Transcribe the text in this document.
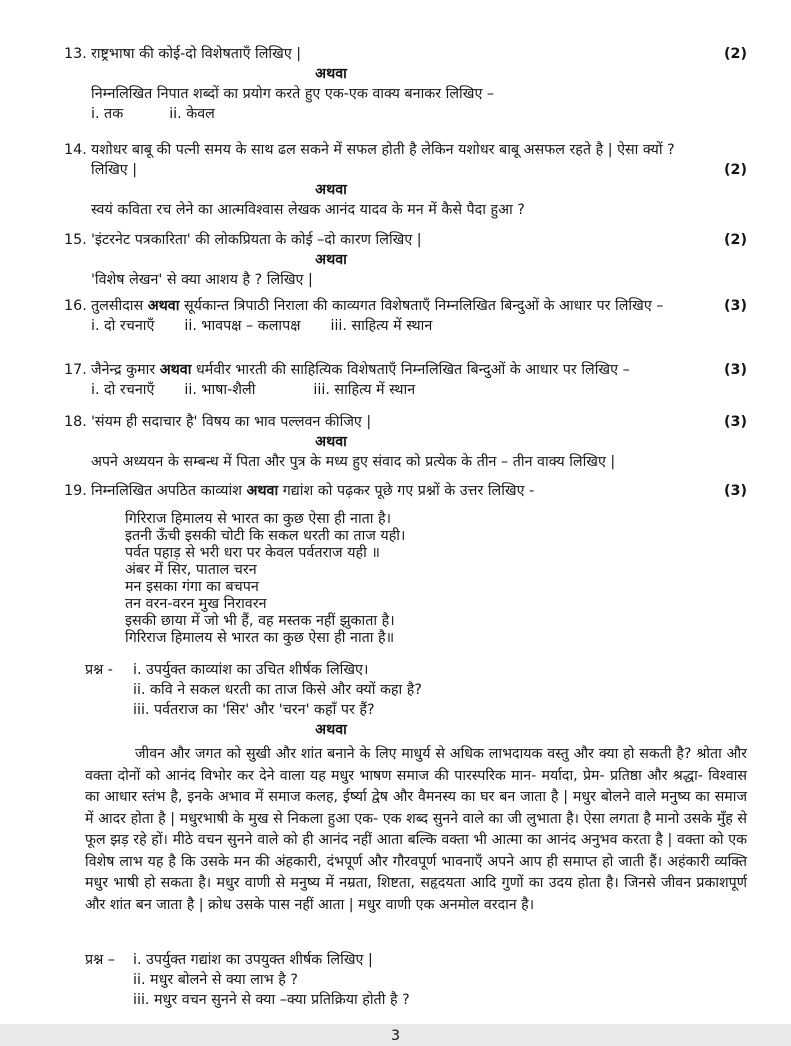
13. राष्ट्रभाषा की कोई-दो विशेषताएँ लिखिए |	(2)
अथवा
निम्नलिखित निपात शब्दों का प्रयोग करते हुए एक-एक वाक्य बनाकर लिखिए –
i. तक	ii. केवल
14. यशोधर बाबू की पत्नी समय के साथ ढल सकने में सफल होती है लेकिन यशोधर बाबू असफल रहते है | ऐसा क्यों ?
लिखिए |	(2)
अथवा
स्वयं कविता रच लेने का आत्मविश्वास लेखक आनंद यादव के मन में कैसे पैदा हुआ ?
15. 'इंटरनेट पत्रकारिता' की लोकप्रियता के कोई –दो कारण लिखिए |	(2)
अथवा
'विशेष लेखन' से क्या आशय है ? लिखिए |
16. तुलसीदास अथवा सूर्यकान्त त्रिपाठी निराला की काव्यगत विशेषताएँ निम्नलिखित बिन्दुओं के आधार पर लिखिए –	(3)
i. दो रचनाएँ ii. भावपक्ष – कलापक्ष iii. साहित्य में स्थान
17. जैनेन्द्र कुमार अथवा धर्मवीर भारती की साहित्यिक विशेषताएँ निम्नलिखित बिन्दुओं के आधार पर लिखिए –	(3)
i. दो रचनाएँ ii. भाषा-शैली	iii. साहित्य में स्थान
18. 'संयम ही सदाचार है' विषय का भाव पल्लवन कीजिए |	(3)
अथवा
अपने अध्ययन के सम्बन्ध में पिता और पुत्र के मध्य हुए संवाद को प्रत्येक के तीन – तीन वाक्य लिखिए |
19. निम्नलिखित अपठित काव्यांश अथवा गद्यांश को पढ़कर पूछे गए प्रश्नों के उत्तर लिखिए -	(3)
गिरिराज हिमालय से भारत का कुछ ऐसा ही नाता है।
इतनी ऊँची इसकी चोटी कि सकल धरती का ताज यही।
पर्वत पहाड़ से भरी धरा पर केवल पर्वतराज यही ॥
अंबर में सिर, पाताल चरन
मन इसका गंगा का बचपन
तन वरन-वरन मुख निरावरन
इसकी छाया में जो भी हैं, वह मस्तक नहीं झुकाता है।
गिरिराज हिमालय से भारत का कुछ ऐसा ही नाता है॥
प्रश्न -	i. उपर्युक्त काव्यांश का उचित शीर्षक लिखिए।
ii. कवि ने सकल धरती का ताज किसे और क्यों कहा है?
iii. पर्वतराज का 'सिर' और 'चरन' कहाँ पर हैं?
अथवा
जीवन और जगत को सुखी और शांत बनाने के लिए माधुर्य से अधिक लाभदायक वस्तु और क्या हो सकती है? श्रोता और वक्ता दोनों को आनंद विभोर कर देने वाला यह मधुर भाषण समाज की पारस्परिक मान- मर्यादा, प्रेम- प्रतिष्ठा और श्रद्धा- विश्वास का आधार स्तंभ है, इनके अभाव में समाज कलह, ईर्ष्या द्वेष और वैमनस्य का घर बन जाता है | मधुर बोलने वाले मनुष्य का समाज में आदर होता है | मधुरभाषी के मुख से निकला हुआ एक- एक शब्द सुनने वाले का जी लुभाता है। ऐसा लगता है मानो उसके मुँह से फूल झड़ रहे हों। मीठे वचन सुनने वाले को ही आनंद नहीं आता बल्कि वक्ता भी आत्मा का आनंद अनुभव करता है | वक्ता को एक विशेष लाभ यह है कि उसके मन की अंहकारी, दंभपूर्ण और गौरवपूर्ण भावनाएँ अपने आप ही समाप्त हो जाती हैं। अहंकारी व्यक्ति मधुर भाषी हो सकता है। मधुर वाणी से मनुष्य में नम्रता, शिष्टता, सहृदयता आदि गुणों का उदय होता है। जिनसे जीवन प्रकाशपूर्ण और शांत बन जाता है | क्रोध उसके पास नहीं आता | मधुर वाणी एक अनमोल वरदान है।
प्रश्न –	i. उपर्युक्त गद्यांश का उपयुक्त शीर्षक लिखिए |
ii. मधुर बोलने से क्या लाभ है ?
iii. मधुर वचन सुनने से क्या –क्या प्रतिक्रिया होती है ?
3
